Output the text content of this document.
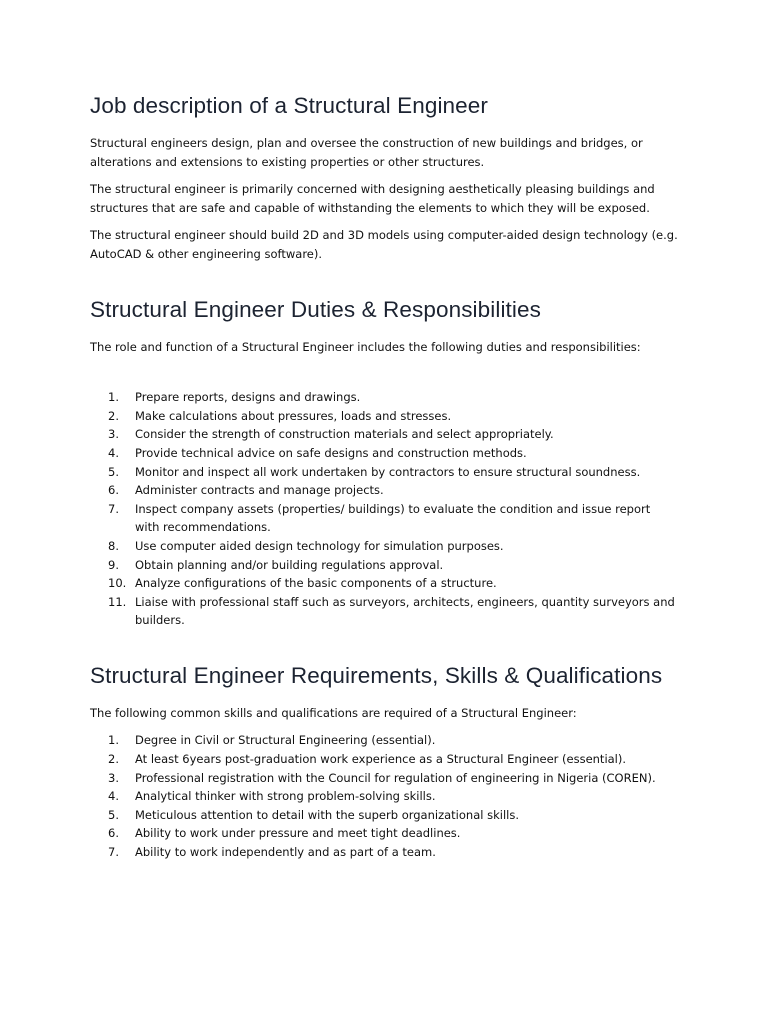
Job description of a Structural Engineer

Structural engineers design, plan and oversee the construction of new buildings and bridges, or alterations and extensions to existing properties or other structures.

The structural engineer is primarily concerned with designing aesthetically pleasing buildings and structures that are safe and capable of withstanding the elements to which they will be exposed.

The structural engineer should build 2D and 3D models using computer-aided design technology (e.g. AutoCAD & other engineering software).

Structural Engineer Duties & Responsibilities

The role and function of a Structural Engineer includes the following duties and responsibilities:

1.	Prepare reports, designs and drawings.
2.	Make calculations about pressures, loads and stresses.
3.	Consider the strength of construction materials and select appropriately.
4.	Provide technical advice on safe designs and construction methods.
5.	Monitor and inspect all work undertaken by contractors to ensure structural soundness.
6.	Administer contracts and manage projects.
7.	Inspect company assets (properties/ buildings) to evaluate the condition and issue report with recommendations.
8.	Use computer aided design technology for simulation purposes.
9.	Obtain planning and/or building regulations approval.
10. Analyze configurations of the basic components of a structure.
11. Liaise with professional staff such as surveyors, architects, engineers, quantity surveyors and builders.
Structural Engineer Requirements, Skills & Qualifications

The following common skills and qualifications are required of a Structural Engineer:

1.	Degree in Civil or Structural Engineering (essential).
2.	At least 6years post-graduation work experience as a Structural Engineer (essential).
3.	Professional registration with the Council for regulation of engineering in Nigeria (COREN).
4.	Analytical thinker with strong problem-solving skills.
5.	Meticulous attention to detail with the superb organizational skills.
6.	Ability to work under pressure and meet tight deadlines.
7.	Ability to work independently and as part of a team.
